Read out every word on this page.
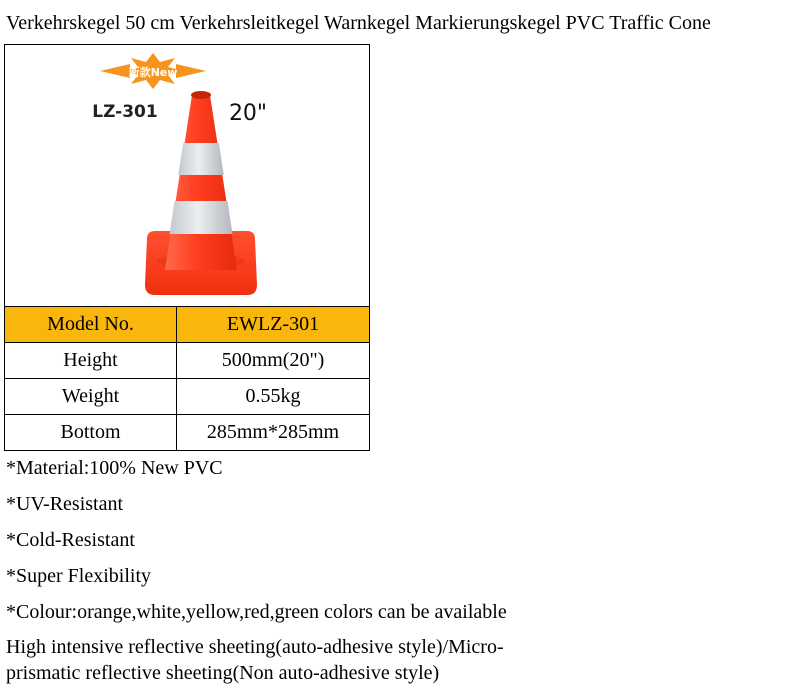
Verkehrskegel 50 cm Verkehrsleitkegel Warnkegel Markierungskegel PVC Traffic Cone
新款New
LZ-301	20"
Model No.	EWLZ-301
Height	500mm(20")
Weight	0.55kg
Bottom	285mm*285mm
*Material:100% New PVC
*UV-Resistant
*Cold-Resistant
*Super Flexibility
*Colour:orange,white,yellow,red,green colors can be available
High intensive reflective sheeting(auto-adhesive style)/Micro-prismatic reflective sheeting(Non auto-adhesive style)
